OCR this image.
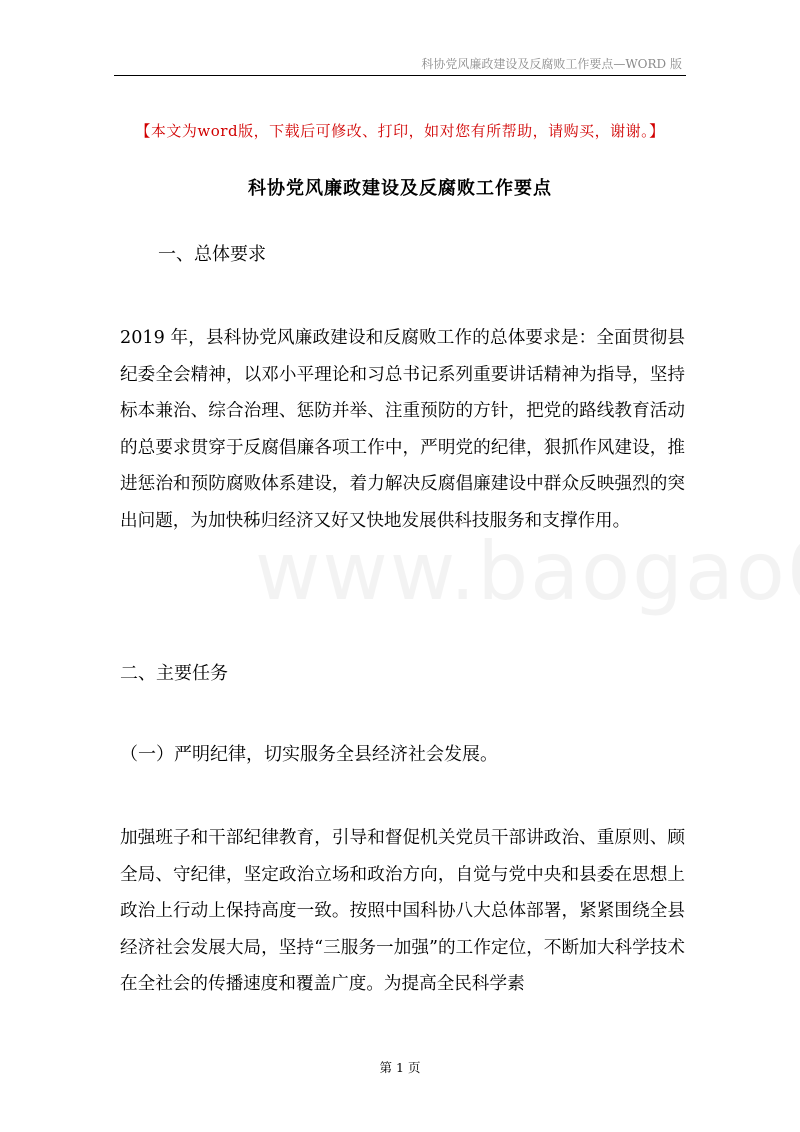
科协党风廉政建设及反腐败工作要点—WORD 版
【本文为word版，下载后可修改、打印，如对您有所帮助，请购买，谢谢。】
科协党风廉政建设及反腐败工作要点
一、总体要求
2019 年，县科协党风廉政建设和反腐败工作的总体要求是：全面贯彻县纪委全会精神，以邓小平理论和习总书记系列重要讲话精神为指导，坚持标本兼治、综合治理、惩防并举、注重预防的方针，把党的路线教育活动的总要求贯穿于反腐倡廉各项工作中，严明党的纪律，狠抓作风建设，推进惩治和预防腐败体系建设，着力解决反腐倡廉建设中群众反映强烈的突出问题，为加快秭归经济又好又快地发展供科技服务和支撑作用。
二、主要任务
（一）严明纪律，切实服务全县经济社会发展。
加强班子和干部纪律教育，引导和督促机关党员干部讲政治、重原则、顾全局、守纪律，坚定政治立场和政治方向，自觉与党中央和县委在思想上政治上行动上保持高度一致。按照中国科协八大总体部署，紧紧围绕全县经济社会发展大局，坚持“三服务一加强”的工作定位，不断加大科学技术在全社会的传播速度和覆盖广度。为提高全民科学素
第 1 页
